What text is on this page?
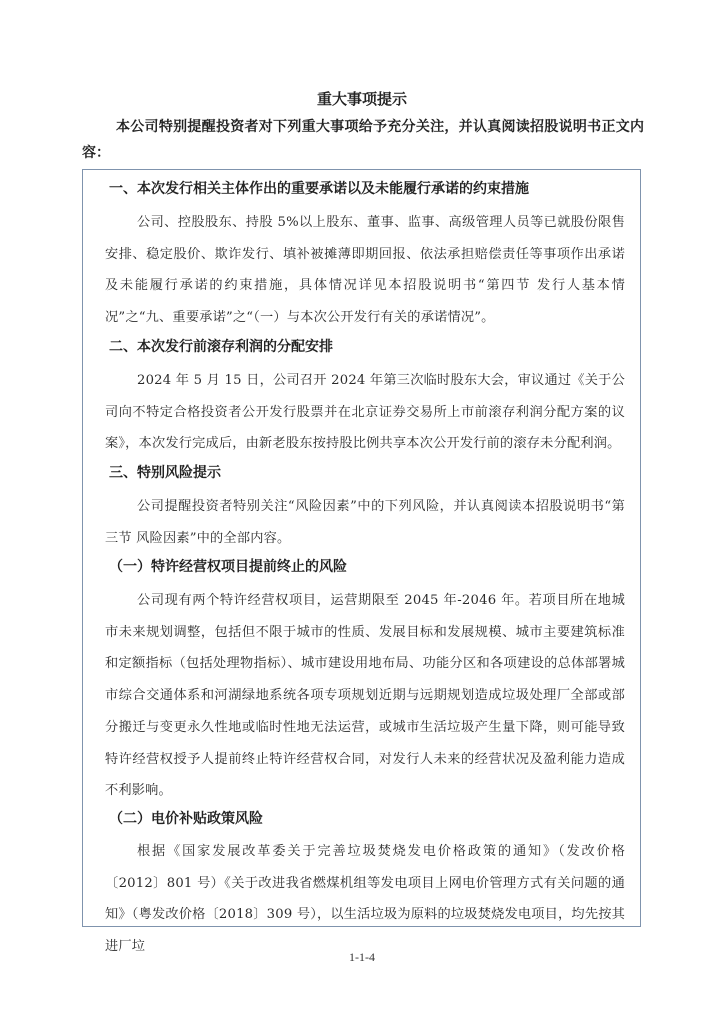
重大事项提示
本公司特别提醒投资者对下列重大事项给予充分关注，并认真阅读招股说明书正文内容：
一、本次发行相关主体作出的重要承诺以及未能履行承诺的约束措施
公司、控股股东、持股 5%以上股东、董事、监事、高级管理人员等已就股份限售安排、稳定股价、欺诈发行、填补被摊薄即期回报、依法承担赔偿责任等事项作出承诺及未能履行承诺的约束措施，具体情况详见本招股说明书“第四节 发行人基本情况”之“九、重要承诺”之“（一）与本次公开发行有关的承诺情况”。
二、本次发行前滚存利润的分配安排
2024 年 5 月 15 日，公司召开 2024 年第三次临时股东大会，审议通过《关于公司向不特定合格投资者公开发行股票并在北京证券交易所上市前滚存利润分配方案的议案》，本次发行完成后，由新老股东按持股比例共享本次公开发行前的滚存未分配利润。
三、特别风险提示
公司提醒投资者特别关注“风险因素”中的下列风险，并认真阅读本招股说明书“第三节 风险因素”中的全部内容。
（一）特许经营权项目提前终止的风险
公司现有两个特许经营权项目，运营期限至 2045 年-2046 年。若项目所在地城市未来规划调整，包括但不限于城市的性质、发展目标和发展规模、城市主要建筑标准和定额指标（包括处理物指标）、城市建设用地布局、功能分区和各项建设的总体部署城市综合交通体系和河湖绿地系统各项专项规划近期与远期规划造成垃圾处理厂全部或部分搬迁与变更永久性地或临时性地无法运营，或城市生活垃圾产生量下降，则可能导致特许经营权授予人提前终止特许经营权合同，对发行人未来的经营状况及盈利能力造成不利影响。
（二）电价补贴政策风险
根据《国家发展改革委关于完善垃圾焚烧发电价格政策的通知》（发改价格〔2012〕801 号）《关于改进我省燃煤机组等发电项目上网电价管理方式有关问题的通知》（粤发改价格〔2018〕309 号），以生活垃圾为原料的垃圾焚烧发电项目，均先按其进厂垃
1-1-4
